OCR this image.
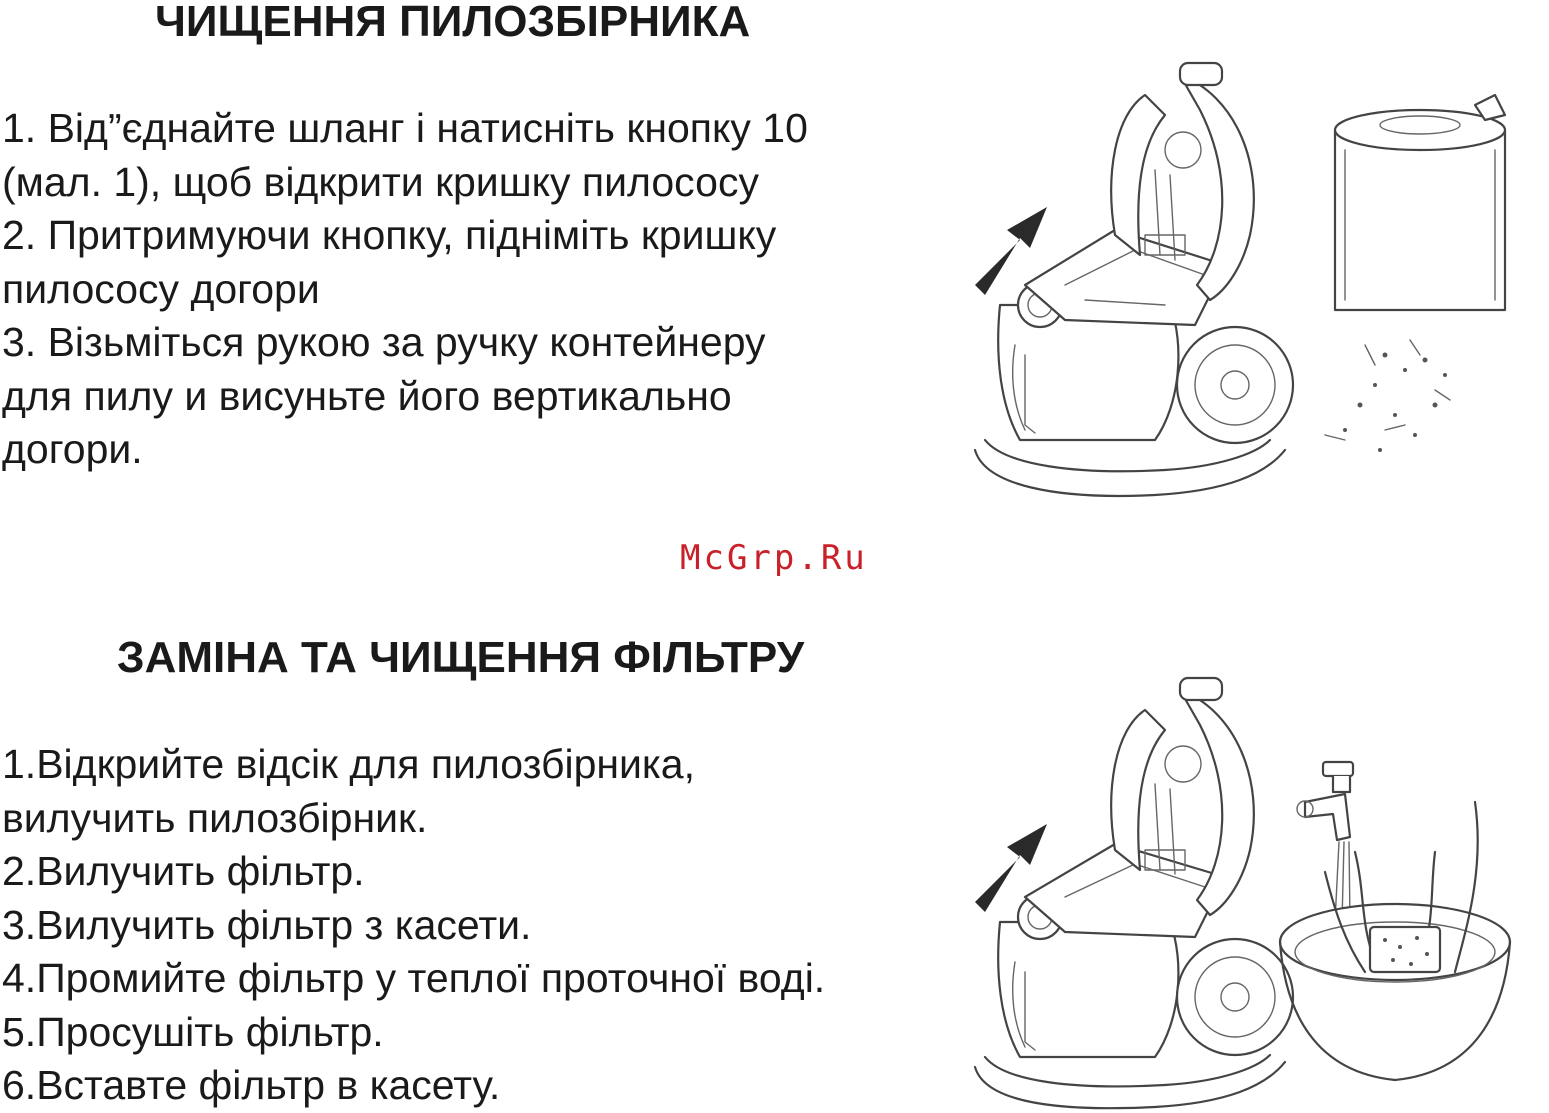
ЧИЩЕННЯ ПИЛОЗБІРНИКА
1. Від”єднайте шланг і натисніть кнопку 10
(мал. 1), щоб відкрити кришку пилососу
2. Притримуючи кнопку, підніміть кришку
пилососу догори
3. Візьміться рукою за ручку контейнеру
для пилу и висуньте його вертикально
догори.
McGrp.Ru
ЗАМІНА ТА ЧИЩЕННЯ ФІЛЬТРУ
1.Відкрийте відсік для пилозбірника,
вилучить пилозбірник.
2.Вилучить фільтр.
3.Вилучить фільтр з касети.
4.Промийте фільтр у теплої проточної воді.
5.Просушіть фільтр.
6.Вставте фільтр в касету.
